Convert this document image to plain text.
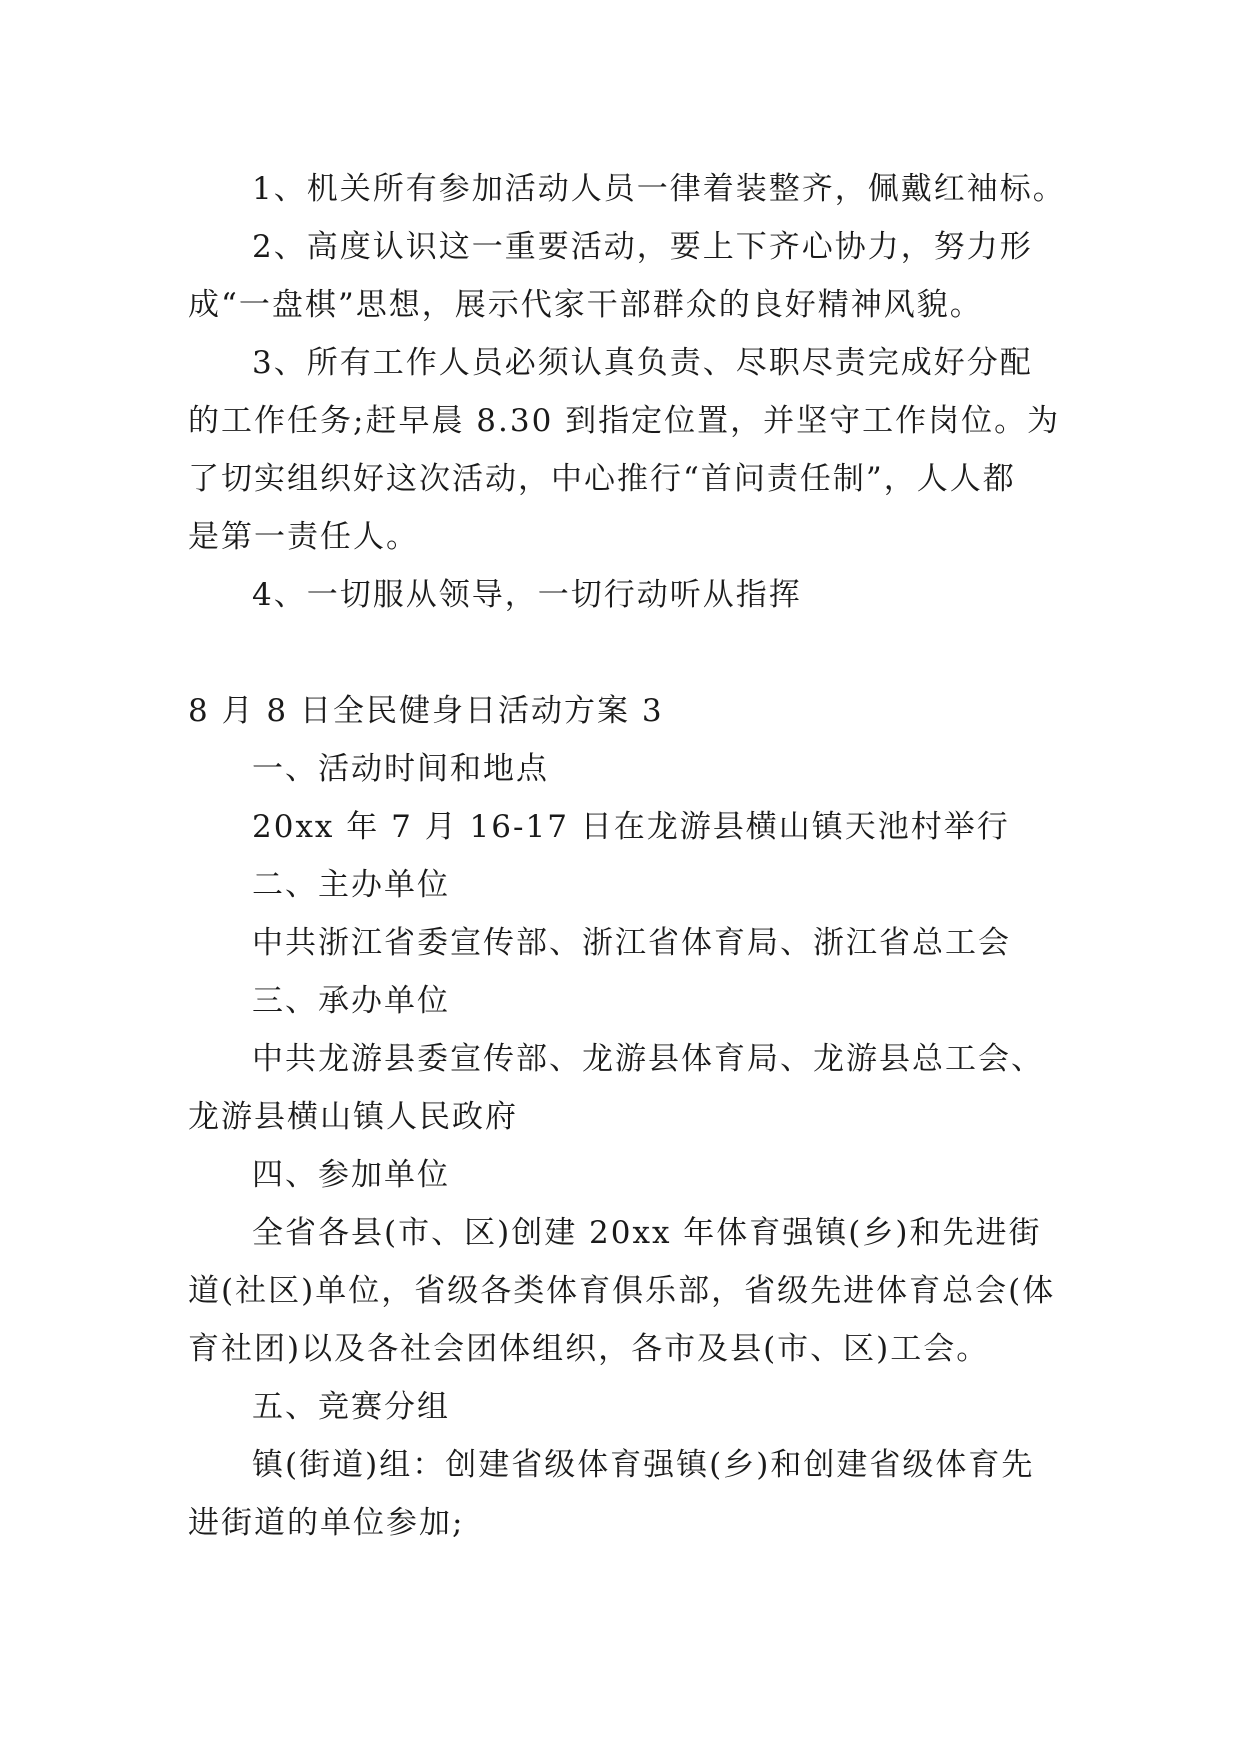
1、机关所有参加活动人员一律着装整齐，佩戴红袖标。

2、高度认识这一重要活动，要上下齐心协力，努力形

成“一盘棋”思想，展示代家干部群众的良好精神风貌。

3、所有工作人员必须认真负责、尽职尽责完成好分配

的工作任务;赶早晨 8.30 到指定位置，并坚守工作岗位。为

了切实组织好这次活动，中心推行“首问责任制”，人人都

是第一责任人。

4、一切服从领导，一切行动听从指挥

8 月 8 日全民健身日活动方案 3

一、活动时间和地点

20xx 年 7 月 16-17 日在龙游县横山镇天池村举行

二、主办单位

中共浙江省委宣传部、浙江省体育局、浙江省总工会

三、承办单位

中共龙游县委宣传部、龙游县体育局、龙游县总工会、

龙游县横山镇人民政府

四、参加单位

全省各县(市、区)创建 20xx 年体育强镇(乡)和先进街

道(社区)单位，省级各类体育俱乐部，省级先进体育总会(体

育社团)以及各社会团体组织，各市及县(市、区)工会。

五、竞赛分组

镇(街道)组：创建省级体育强镇(乡)和创建省级体育先

进街道的单位参加;
